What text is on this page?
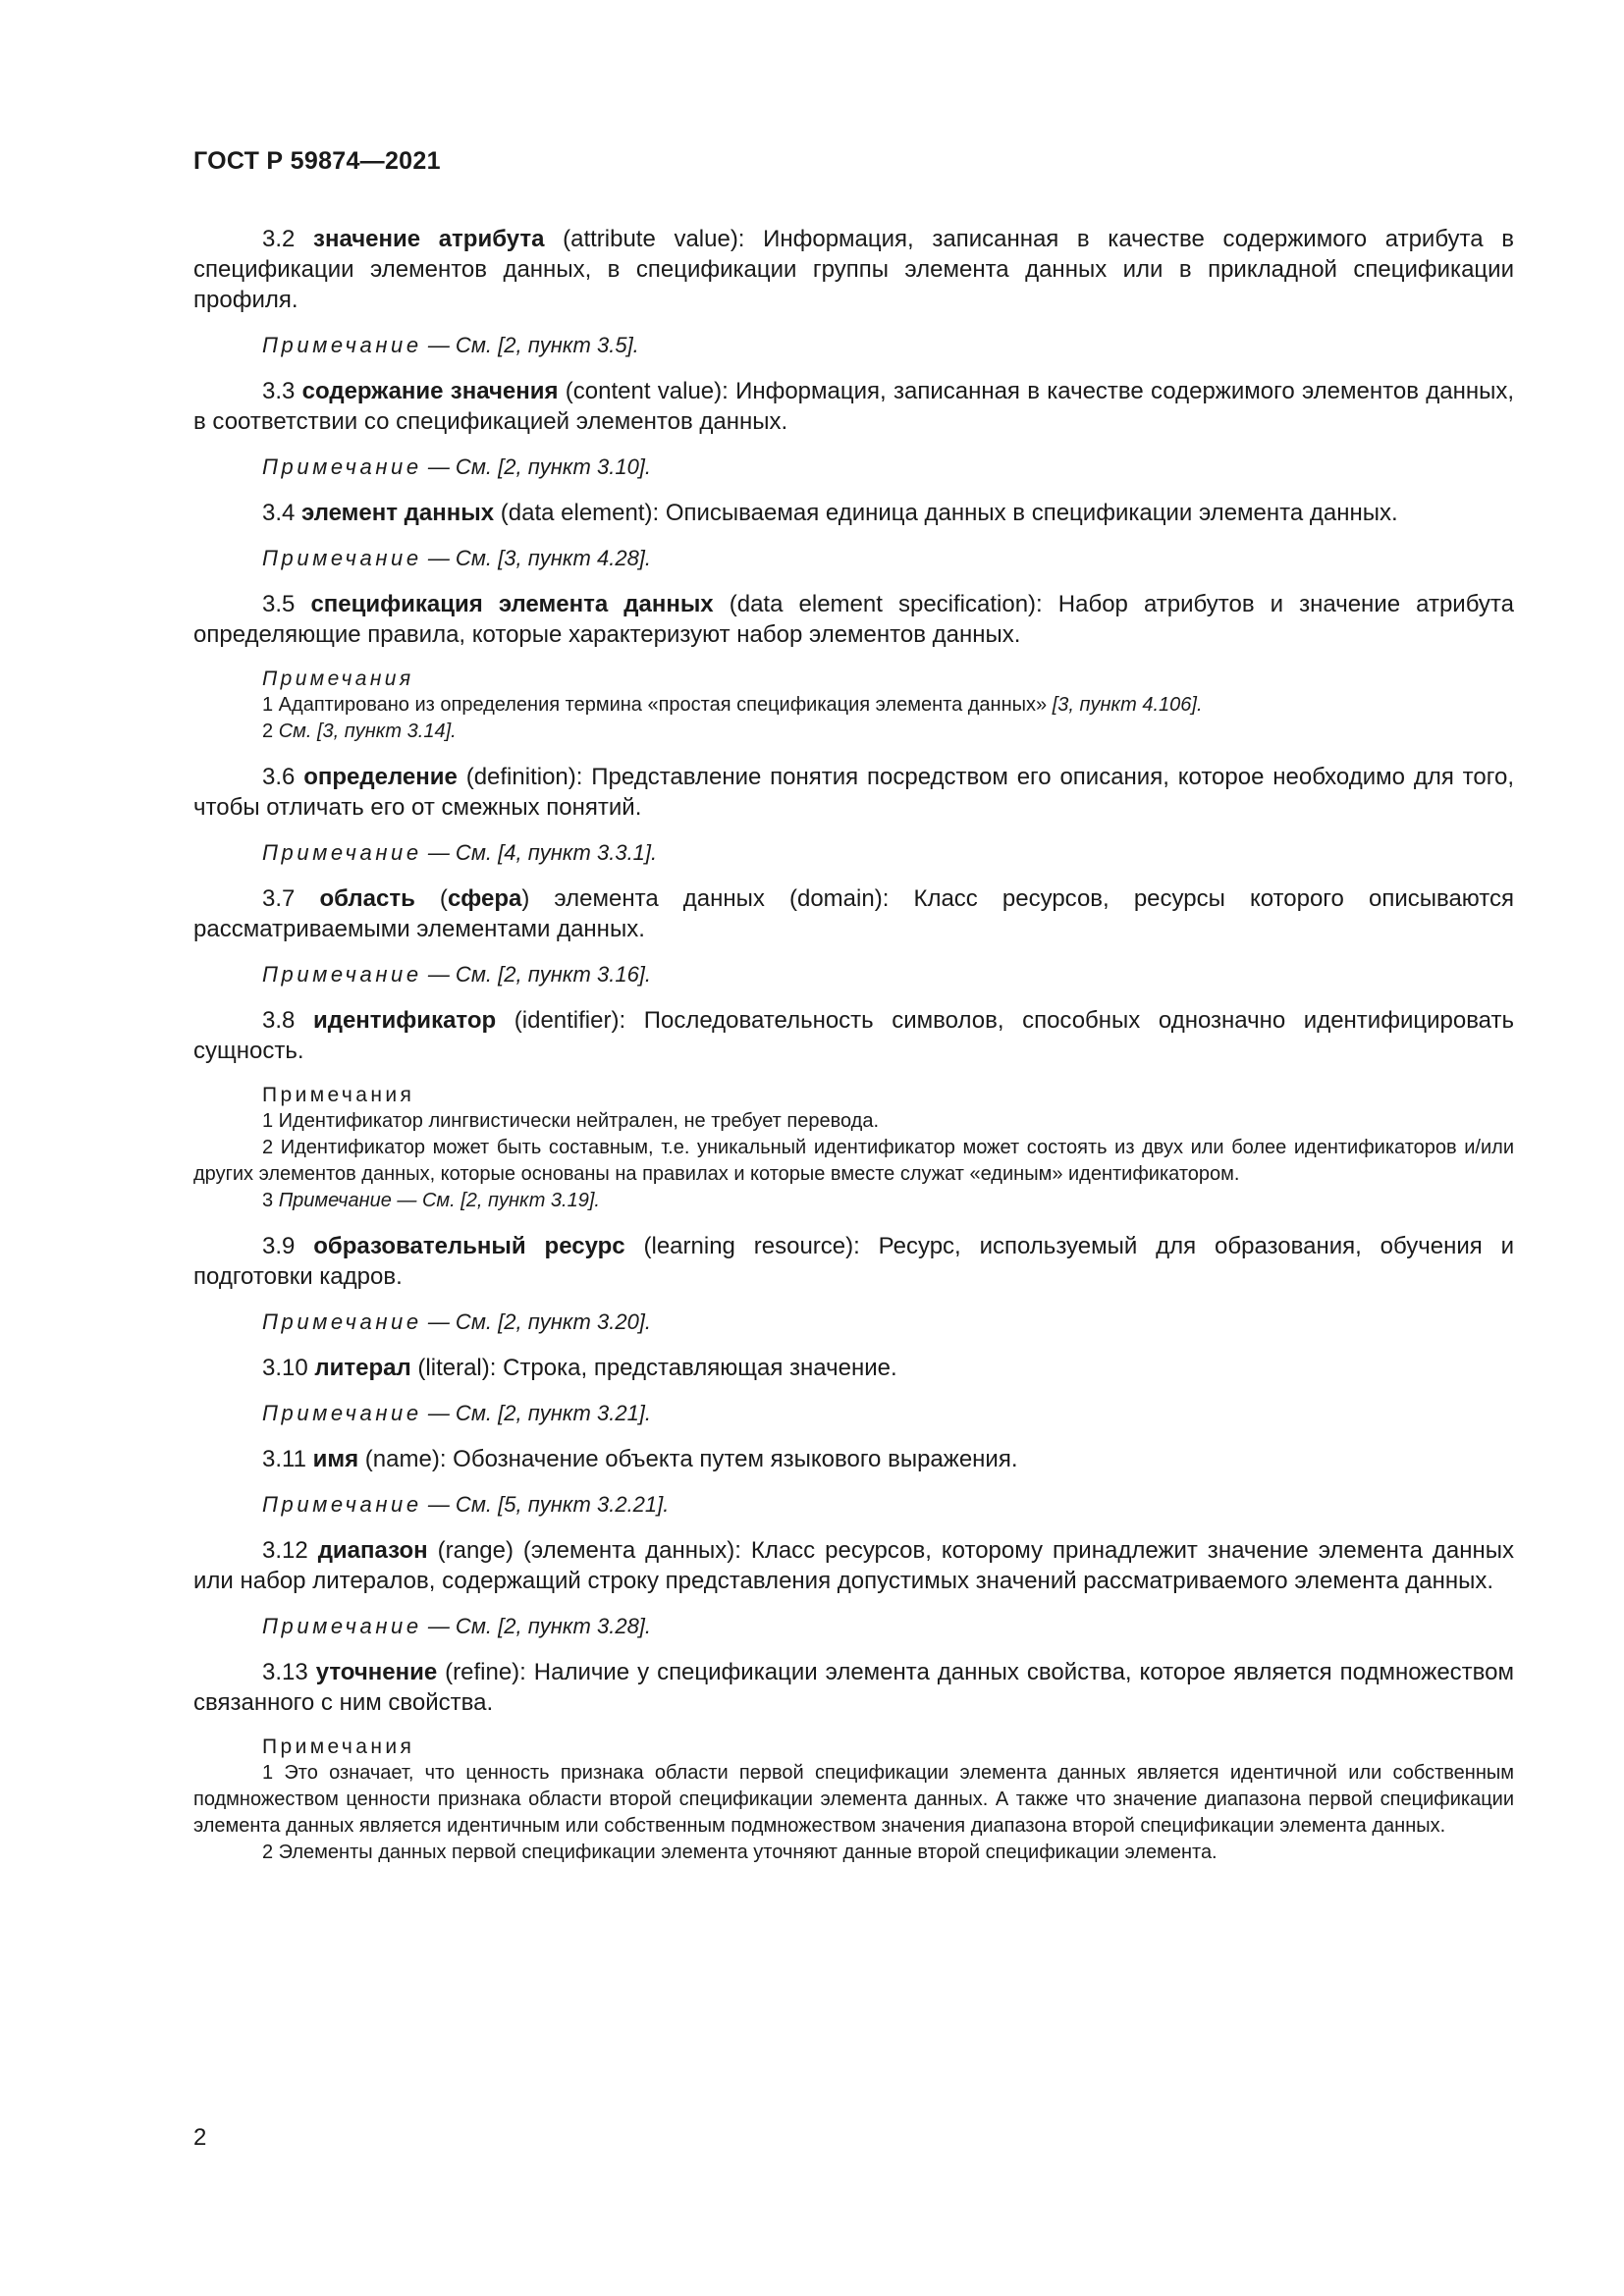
ГОСТ Р 59874—2021

3.2 значение атрибута (attribute value): Информация, записанная в качестве содержимого атрибута в спецификации элементов данных, в спецификации группы элемента данных или в прикладной спецификации профиля.

Примечание — См. [2, пункт 3.5].

3.3 содержание значения (content value): Информация, записанная в качестве содержимого элементов данных, в соответствии со спецификацией элементов данных.

Примечание — См. [2, пункт 3.10].

3.4 элемент данных (data element): Описываемая единица данных в спецификации элемента данных.

Примечание — См. [3, пункт 4.28].

3.5 спецификация элемента данных (data element specification): Набор атрибутов и значение атрибута определяющие правила, которые характеризуют набор элементов данных.

Примечания
1 Адаптировано из определения термина «простая спецификация элемента данных» [3, пункт 4.106].
2 См. [3, пункт 3.14].

3.6 определение (definition): Представление понятия посредством его описания, которое необходимо для того, чтобы отличать его от смежных понятий.

Примечание — См. [4, пункт 3.3.1].

3.7 область (сфера) элемента данных (domain): Класс ресурсов, ресурсы которого описываются рассматриваемыми элементами данных.

Примечание — См. [2, пункт 3.16].

3.8 идентификатор (identifier): Последовательность символов, способных однозначно идентифицировать сущность.

Примечания
1 Идентификатор лингвистически нейтрален, не требует перевода.
2 Идентификатор может быть составным, т.е. уникальный идентификатор может состоять из двух или более идентификаторов и/или других элементов данных, которые основаны на правилах и которые вместе служат «единым» идентификатором.
3 Примечание — См. [2, пункт 3.19].

3.9 образовательный ресурс (learning resource): Ресурс, используемый для образования, обучения и подготовки кадров.

Примечание — См. [2, пункт 3.20].

3.10 литерал (literal): Строка, представляющая значение.

Примечание — См. [2, пункт 3.21].

3.11 имя (name): Обозначение объекта путем языкового выражения.

Примечание — См. [5, пункт 3.2.21].

3.12 диапазон (range) (элемента данных): Класс ресурсов, которому принадлежит значение элемента данных или набор литералов, содержащий строку представления допустимых значений рассматриваемого элемента данных.

Примечание — См. [2, пункт 3.28].

3.13 уточнение (refine): Наличие у спецификации элемента данных свойства, которое является подмножеством связанного с ним свойства.

Примечания
1 Это означает, что ценность признака области первой спецификации элемента данных является идентичной или собственным подмножеством ценности признака области второй спецификации элемента данных. А также что значение диапазона первой спецификации элемента данных является идентичным или собственным подмножеством значения диапазона второй спецификации элемента данных.
2 Элементы данных первой спецификации элемента уточняют данные второй спецификации элемента.
2
